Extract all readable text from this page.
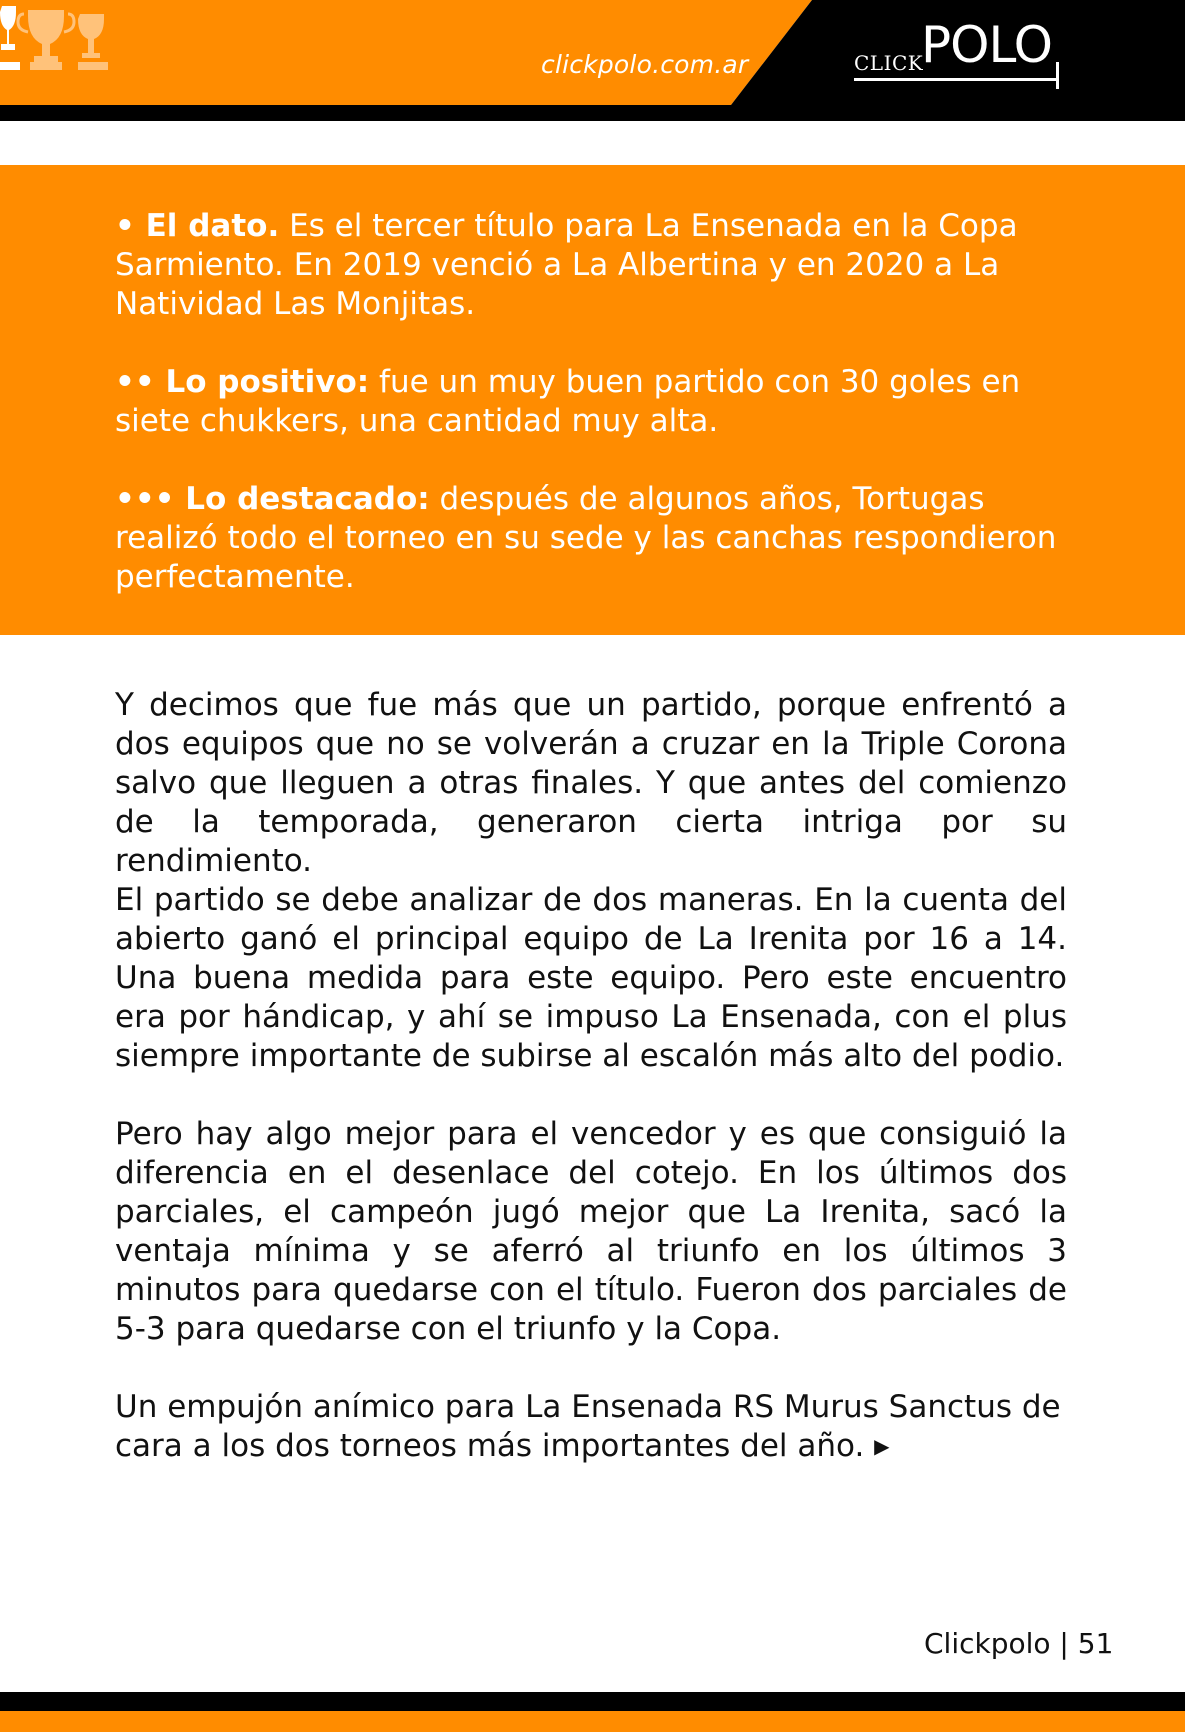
clickpolo.com.ar	CLICK
POLO
• El dato. Es el tercer título para La Ensenada en la Copa Sarmiento. En 2019 venció a La Albertina y en 2020 a La Natividad Las Monjitas.
•• Lo positivo: fue un muy buen partido con 30 goles en siete chukkers, una cantidad muy alta.
••• Lo destacado: después de algunos años, Tortugas realizó todo el torneo en su sede y las canchas respondieron perfectamente.

Y decimos que fue más que un partido, porque enfrentó a dos equipos que no se volverán a cruzar en la Triple Corona salvo que lleguen a otras finales. Y que antes del comienzo de la temporada, generaron cierta intriga por su rendimiento.

El partido se debe analizar de dos maneras. En la cuenta del abierto ganó el principal equipo de La Irenita por 16 a 14. Una buena medida para este equipo. Pero este encuentro era por hándicap, y ahí se impuso La Ensenada, con el plus siempre importante de subirse al escalón más alto del podio.

Pero hay algo mejor para el vencedor y es que consiguió la diferencia en el desenlace del cotejo. En los últimos dos parciales, el campeón jugó mejor que La Irenita, sacó la ventaja mínima y se aferró al triunfo en los últimos 3 minutos para quedarse con el título. Fueron dos parciales de 5-3 para quedarse con el triunfo y la Copa.

Un empujón anímico para La Ensenada RS Murus Sanctus de cara a los dos torneos más importantes del año. ▶

Clickpolo | 51
